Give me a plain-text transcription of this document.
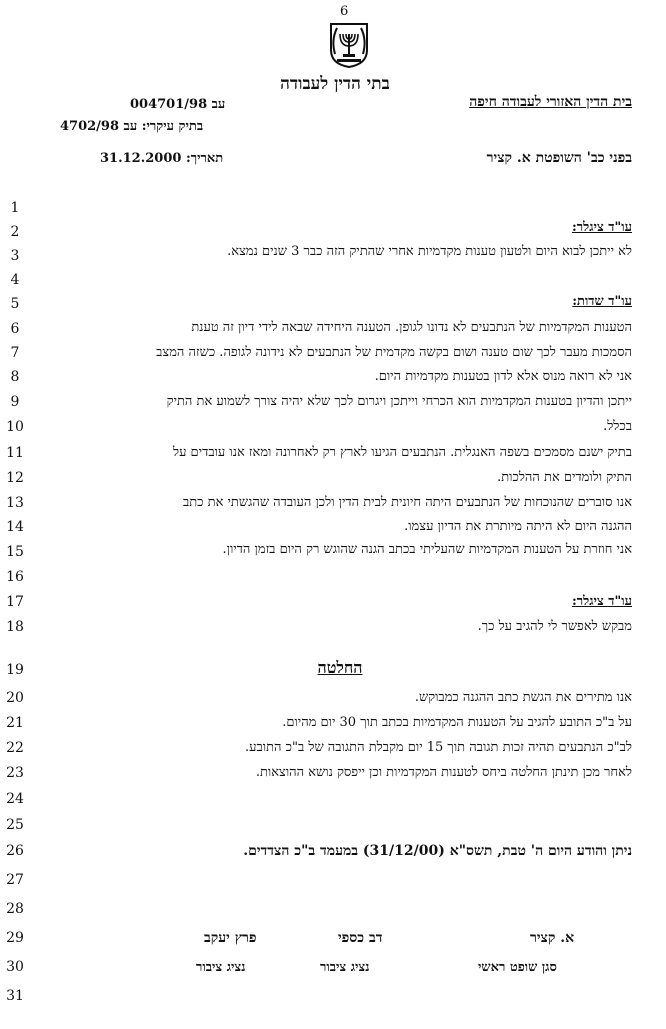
6
בתי הדין לעבודה
בית הדין האזורי לעבודה חיפה
בפני כב' השופטת א. קציר
עב 004701/98
בתיק עיקרי: עב 4702/98
תאריך: 31.12.2000
1
2
3
4
5
6
7
8
9
10
11
12
13
14
15
16
17
18
19
20
21
22
23
24
25
26
27
28
29
30
31
עו"ד ציגלר:
לא ייתכן לבוא היום ולטעון טענות מקדמיות אחרי שהתיק הזה כבר 3 שנים נמצא.
עו"ד שדות:
הטענות המקדמיות של הנתבעים לא נדונו לגופן. הטענה היחידה שבאה לידי דיון זה טענת
הסמכות מעבר לכך שום טענה ושום בקשה מקדמית של הנתבעים לא נידונה לגופה. כשזה המצב
אני לא רואה מנוס אלא לדון בטענות מקדמיות היום.
ייתכן והדיון בטענות המקדמיות הוא הכרחי וייתכן ויגרום לכך שלא יהיה צורך לשמוע את התיק
בכלל.
בתיק ישנם מסמכים בשפה האנגלית. הנתבעים הגיעו לארץ רק לאחרונה ומאז אנו עובדים על
התיק ולומדים את ההלכות.
אנו סוברים שהנוכחות של הנתבעים היתה חיונית לבית הדין ולכן העובדה שהגשתי את כתב
ההגנה היום לא היתה מיותרת את הדיון עצמו.
אני חוזרת על הטענות המקדמיות שהעליתי בכתב הגנה שהוגש רק היום בזמן הדיון.
עו"ד ציגלר:
מבקש לאפשר לי להגיב על כך.
החלטה
אנו מתירים את הגשת כתב ההגנה כמבוקש.
על ב"כ התובע להגיב על הטענות המקדמיות בכתב תוך 30 יום מהיום.
לב"כ הנתבעים תהיה זכות תגובה תוך 15 יום מקבלת התגובה של ב"כ התובע.
לאחר מכן תינתן החלטה ביחס לטענות המקדמיות וכן ייפסק נושא ההוצאות.
ניתן והודע היום ה' טבת, תשס"א (31/12/00) במעמד ב"כ הצדדים.
א. קציר
סגן שופט ראשי
דב כספי
נציג ציבור
פרץ יעקב
נציג ציבור
